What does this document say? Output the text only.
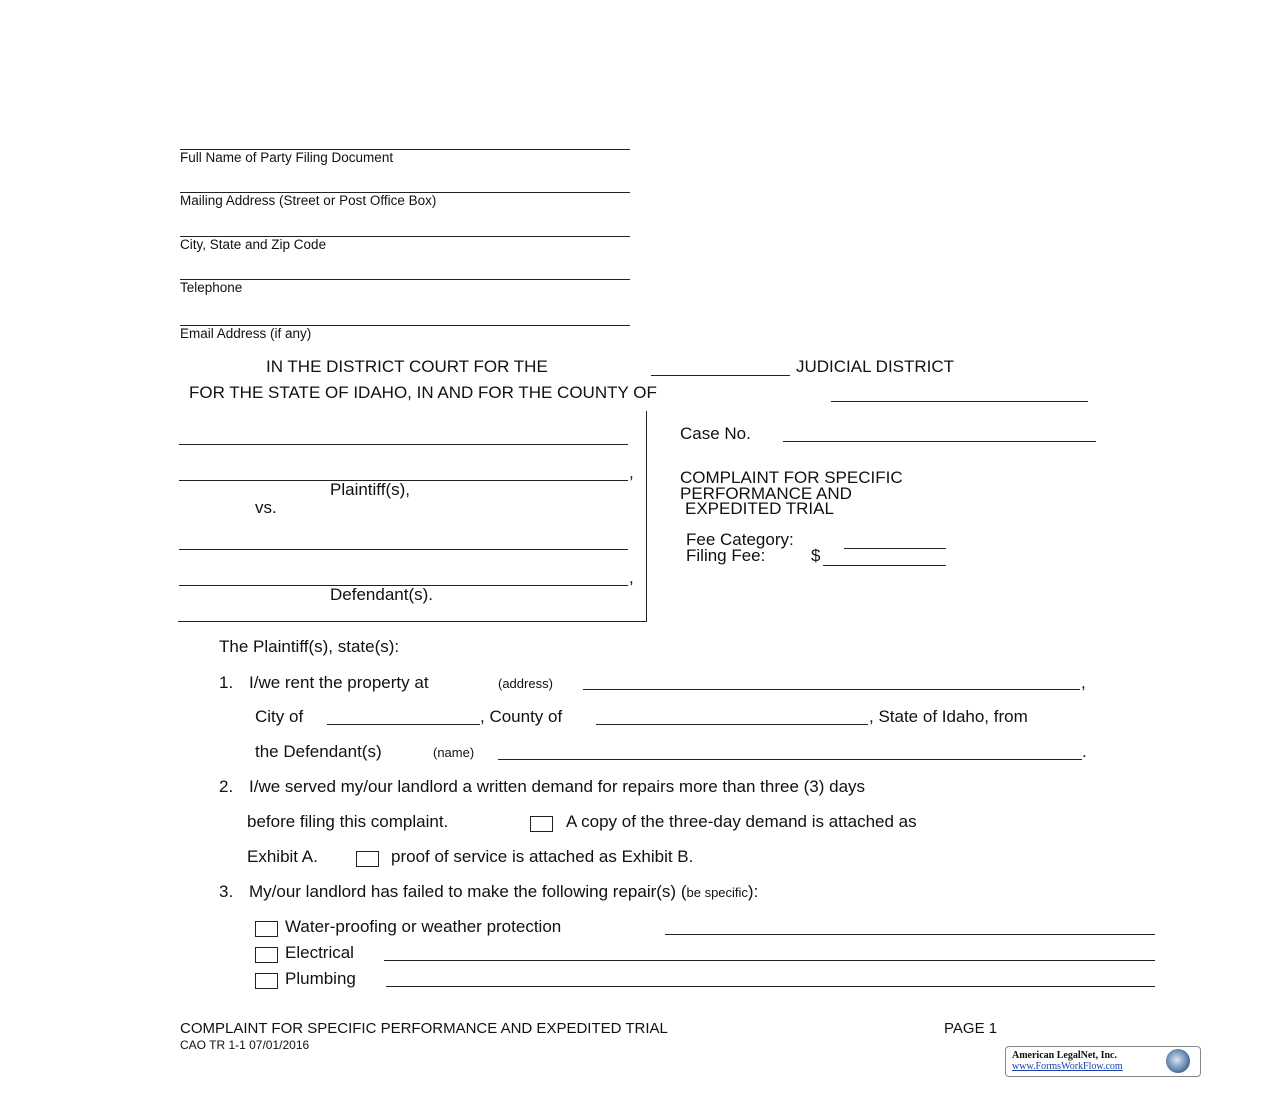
Full Name of Party Filing Document
Mailing Address (Street or Post Office Box)
City, State and Zip Code
Telephone
Email Address (if any)
IN THE DISTRICT COURT FOR THE	JUDICIAL DISTRICT
FOR THE STATE OF IDAHO, IN AND FOR THE COUNTY OF
,
Plaintiff(s),
vs.
,
Defendant(s).
Case No.
COMPLAINT FOR SPECIFIC
PERFORMANCE AND
EXPEDITED TRIAL
Fee Category:
Filing Fee:	$
The Plaintiff(s), state(s):
1. I/we rent the property at	(address)	,
City of	, County of	, State of Idaho, from
the Defendant(s)	(name)	.
2. I/we served my/our landlord a written demand for repairs more than three (3) days
before filing this complaint.	A copy of the three-day demand is attached as
Exhibit A.	proof of service is attached as Exhibit B.
3. My/our landlord has failed to make the following repair(s) (be specific):
Water-proofing or weather protection
Electrical
Plumbing
COMPLAINT FOR SPECIFIC PERFORMANCE AND EXPEDITED TRIAL	PAGE 1
CAO TR 1-1 07/01/2016
American LegalNet, Inc.
www.FormsWorkFlow.com
